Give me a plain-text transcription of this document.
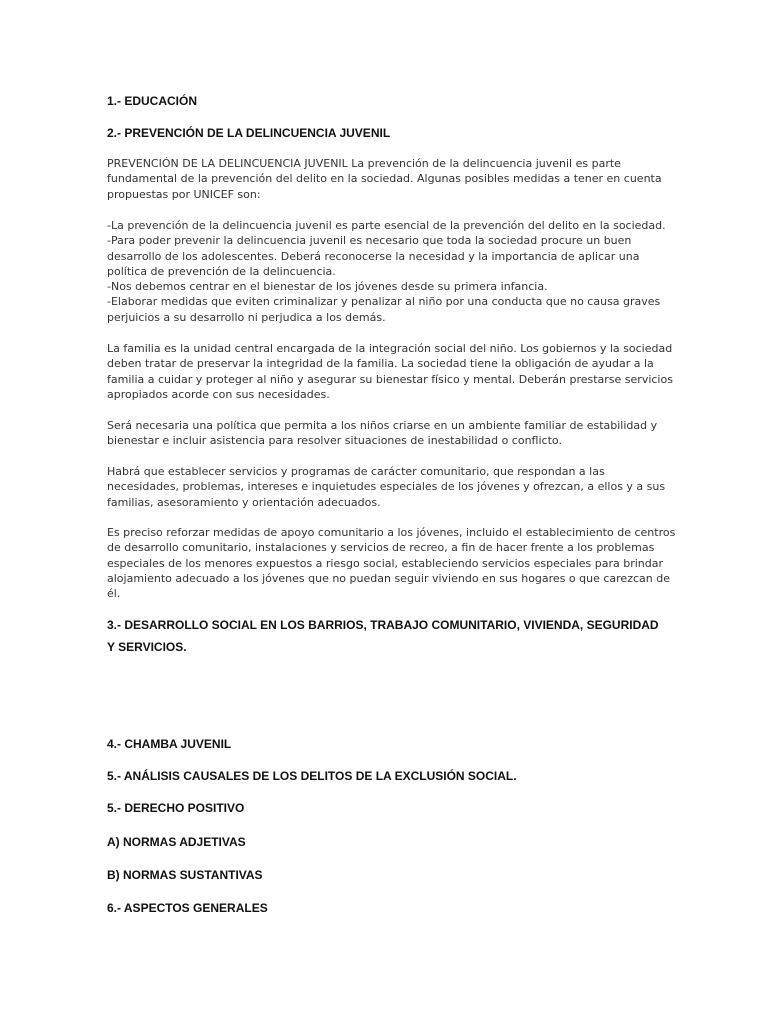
1.- EDUCACIÓN

2.- PREVENCIÓN DE LA DELINCUENCIA JUVENIL

PREVENCIÓN DE LA DELINCUENCIA JUVENIL La prevención de la delincuencia juvenil es parte
fundamental de la prevención del delito en la sociedad. Algunas posibles medidas a tener en cuenta
propuestas por UNICEF son:
-La prevención de la delincuencia juvenil es parte esencial de la prevención del delito en la sociedad.
-Para poder prevenir la delincuencia juvenil es necesario que toda la sociedad procure un buen
desarrollo de los adolescentes. Deberá reconocerse la necesidad y la importancia de aplicar una
política de prevención de la delincuencia.
-Nos debemos centrar en el bienestar de los jóvenes desde su primera infancia.
-Elaborar medidas que eviten criminalizar y penalizar al niño por una conducta que no causa graves
perjuicios a su desarrollo ni perjudica a los demás.
La familia es la unidad central encargada de la integración social del niño. Los gobiernos y la sociedad
deben tratar de preservar la integridad de la familia. La sociedad tiene la obligación de ayudar a la
familia a cuidar y proteger al niño y asegurar su bienestar físico y mental. Deberán prestarse servicios
apropiados acorde con sus necesidades.
Será necesaria una política que permita a los niños criarse en un ambiente familiar de estabilidad y
bienestar e incluir asistencia para resolver situaciones de inestabilidad o conflicto.
Habrá que establecer servicios y programas de carácter comunitario, que respondan a las
necesidades, problemas, intereses e inquietudes especiales de los jóvenes y ofrezcan, a ellos y a sus
familias, asesoramiento y orientación adecuados.
Es preciso reforzar medidas de apoyo comunitario a los jóvenes, incluido el establecimiento de centros
de desarrollo comunitario, instalaciones y servicios de recreo, a fin de hacer frente a los problemas
especiales de los menores expuestos a riesgo social, estableciendo servicios especiales para brindar
alojamiento adecuado a los jóvenes que no puedan seguir viviendo en sus hogares o que carezcan de
él.

3.- DESARROLLO SOCIAL EN LOS BARRIOS, TRABAJO COMUNITARIO, VIVIENDA, SEGURIDAD Y SERVICIOS.

4.- CHAMBA JUVENIL

5.- ANÁLISIS CAUSALES DE LOS DELITOS DE LA EXCLUSIÓN SOCIAL.

5.- DERECHO POSITIVO

A) NORMAS ADJETIVAS

B) NORMAS SUSTANTIVAS

6.- ASPECTOS GENERALES
